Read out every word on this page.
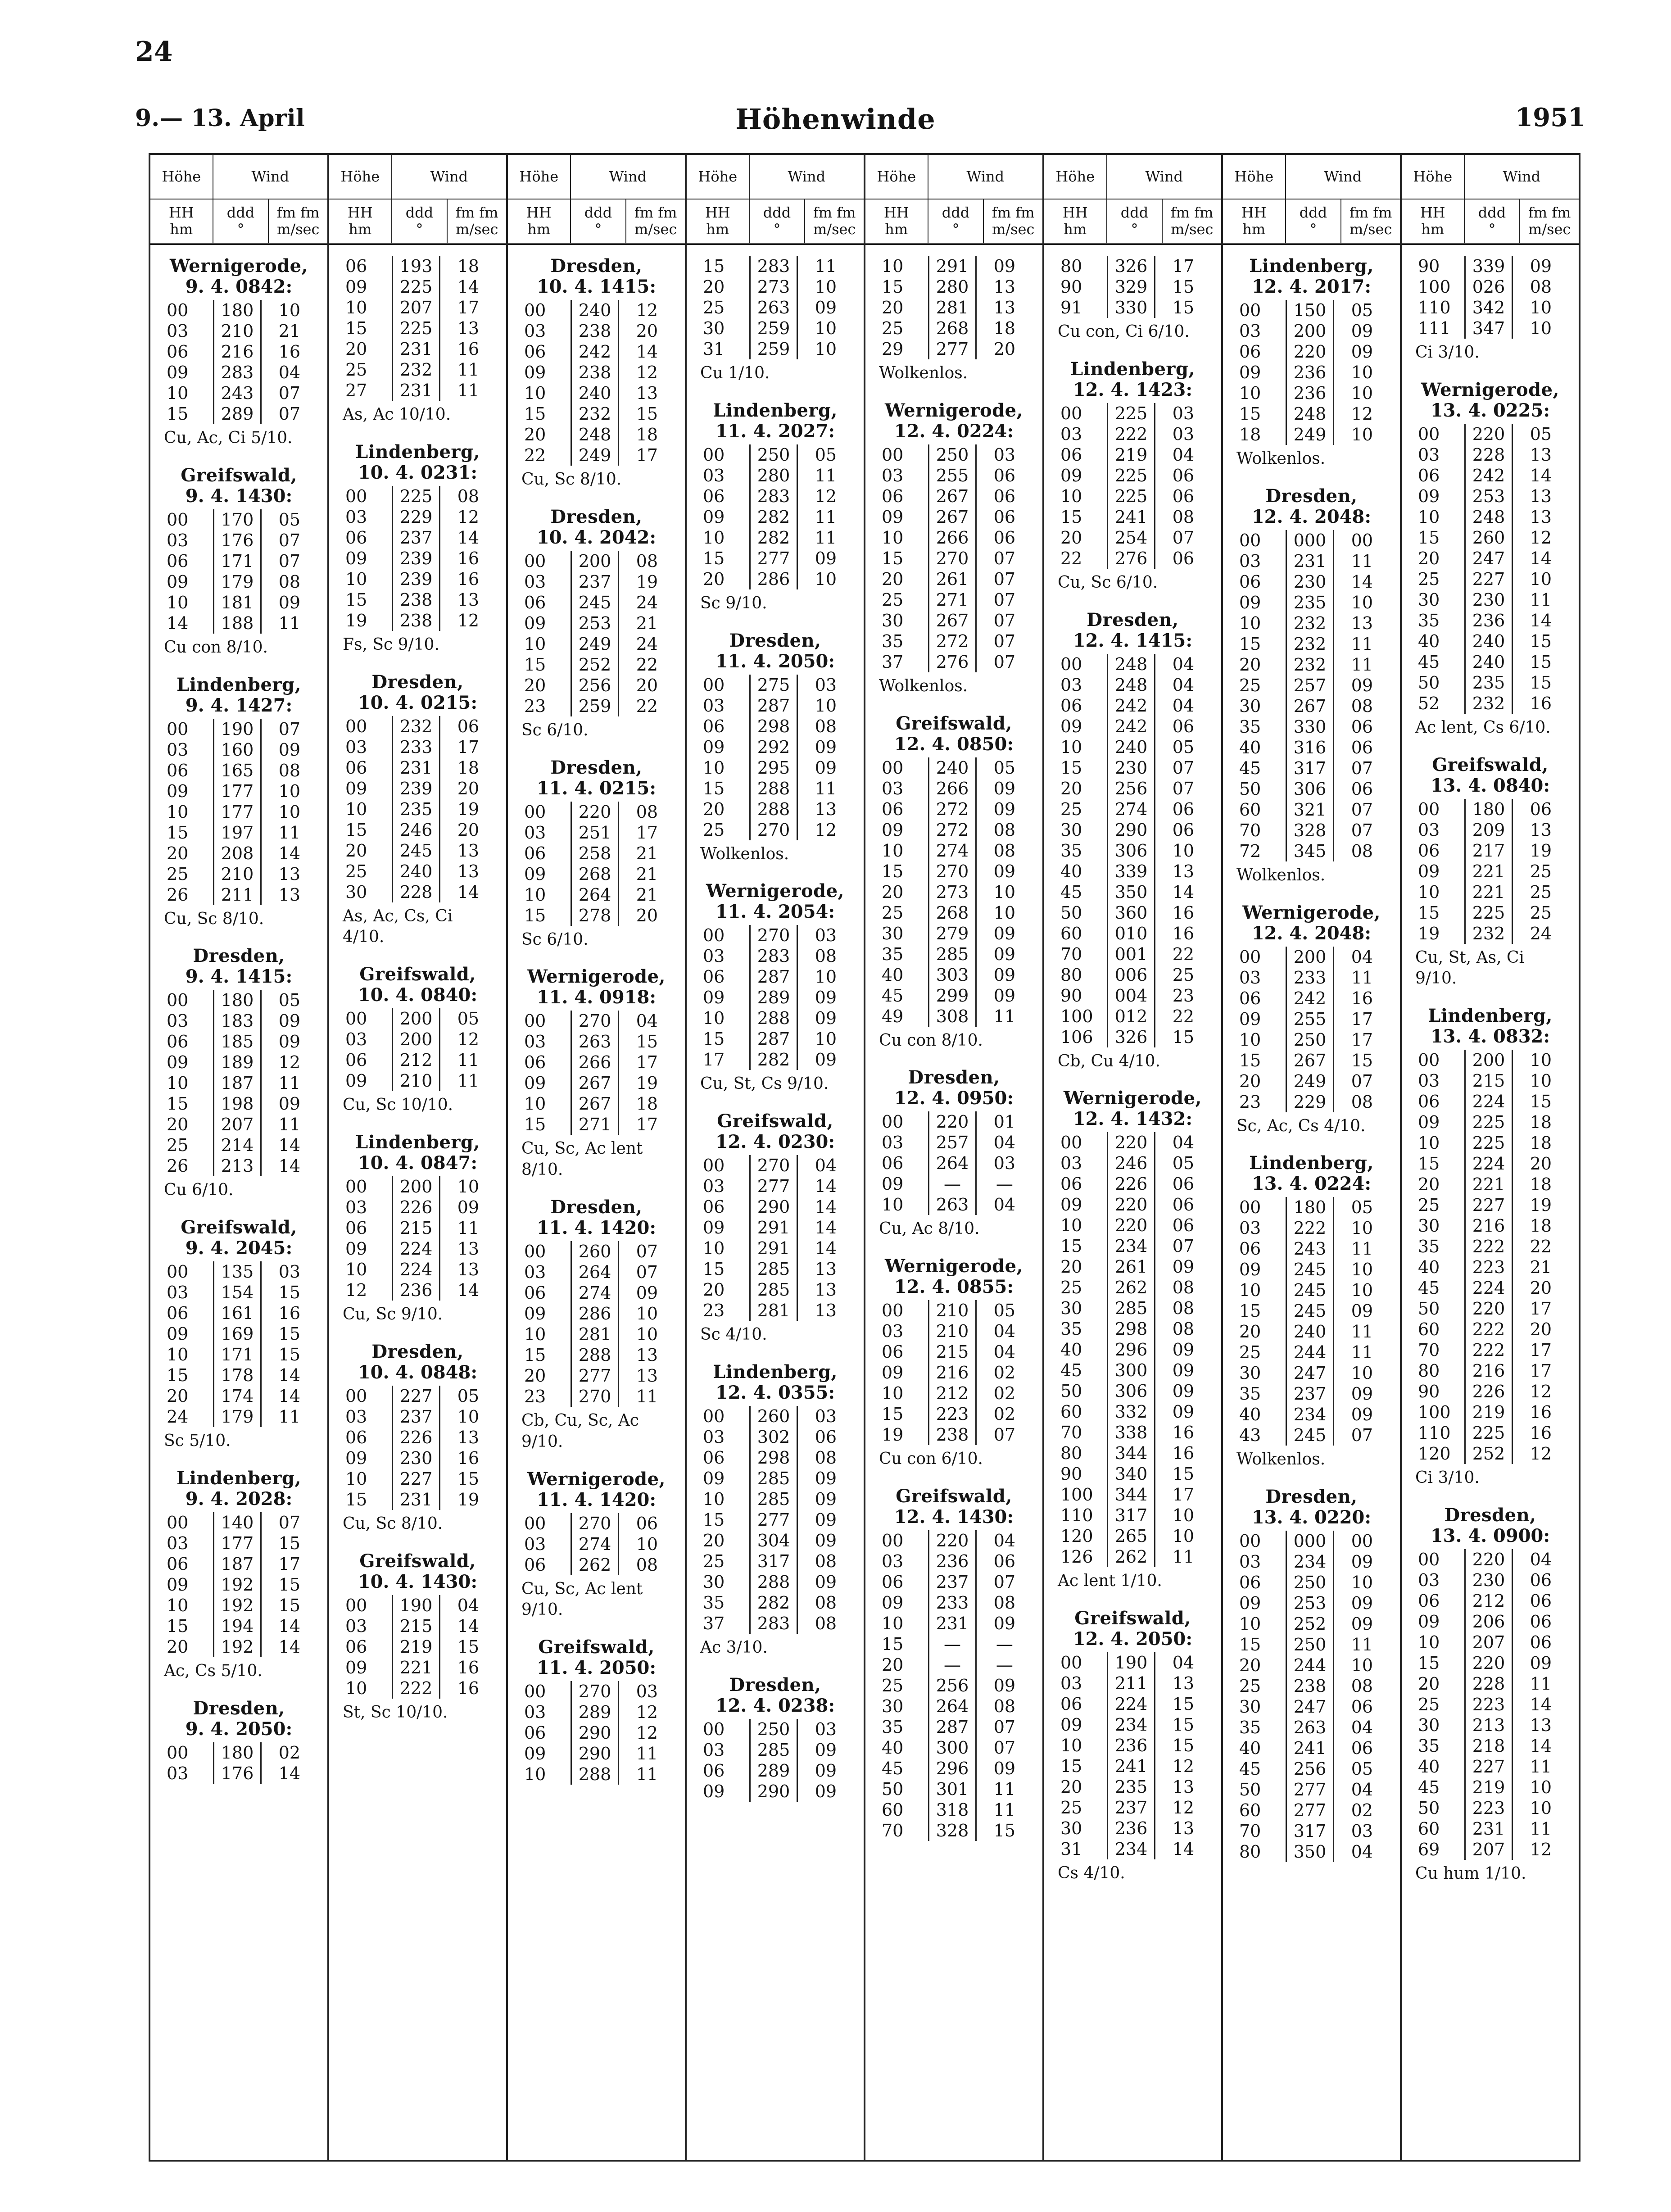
24
9.— 13. April	Höhenwinde	1951
Höhe	Wind
HH
hm
ddd
°
fm fm
m/sec
Wernigerode,
9. 4. 0842:
00	180	10
03	210	21
06	216	16
09	283	04
10	243	07
15	289	07
Cu, Ac, Ci 5/10.
Greifswald,
9. 4. 1430:
00	170	05
03	176	07
06	171	07
09	179	08
10	181	09
14	188	11
Cu con 8/10.
Lindenberg,
9. 4. 1427:
00	190	07
03	160	09
06	165	08
09	177	10
10	177	10
15	197	11
20	208	14
25	210	13
26	211	13
Cu, Sc 8/10.
Dresden,
9. 4. 1415:
00	180	05
03	183	09
06	185	09
09	189	12
10	187	11
15	198	09
20	207	11
25	214	14
26	213	14
Cu 6/10.
Greifswald,
9. 4. 2045:
00	135	03
03	154	15
06	161	16
09	169	15
10	171	15
15	178	14
20	174	14
24	179	11
Sc 5/10.
Lindenberg,
9. 4. 2028:
00	140	07
03	177	15
06	187	17
09	192	15
10	192	15
15	194	14
20	192	14
Ac, Cs 5/10.
Dresden,
9. 4. 2050:
00	180	02
03	176	14
Höhe	Wind
HH
hm
ddd
°
fm fm
m/sec
06	193	18
09	225	14
10	207	17
15	225	13
20	231	16
25	232	11
27	231	11
As, Ac 10/10.
Lindenberg,
10. 4. 0231:
00	225	08
03	229	12
06	237	14
09	239	16
10	239	16
15	238	13
19	238	12
Fs, Sc 9/10.
Dresden,
10. 4. 0215:
00	232	06
03	233	17
06	231	18
09	239	20
10	235	19
15	246	20
20	245	13
25	240	13
30	228	14
As, Ac, Cs, Ci 4/10.
Greifswald,
10. 4. 0840:
00	200	05
03	200	12
06	212	11
09	210	11
Cu, Sc 10/10.
Lindenberg,
10. 4. 0847:
00	200	10
03	226	09
06	215	11
09	224	13
10	224	13
12	236	14
Cu, Sc 9/10.
Dresden,
10. 4. 0848:
00	227	05
03	237	10
06	226	13
09	230	16
10	227	15
15	231	19
Cu, Sc 8/10.
Greifswald,
10. 4. 1430:
00	190	04
03	215	14
06	219	15
09	221	16
10	222	16
St, Sc 10/10.
Höhe	Wind
HH
hm
ddd
°
fm fm
m/sec
Dresden,
10. 4. 1415:
00	240	12
03	238	20
06	242	14
09	238	12
10	240	13
15	232	15
20	248	18
22	249	17
Cu, Sc 8/10.
Dresden,
10. 4. 2042:
00	200	08
03	237	19
06	245	24
09	253	21
10	249	24
15	252	22
20	256	20
23	259	22
Sc 6/10.
Dresden,
11. 4. 0215:
00	220	08
03	251	17
06	258	21
09	268	21
10	264	21
15	278	20
Sc 6/10.
Wernigerode,
11. 4. 0918:
00	270	04
03	263	15
06	266	17
09	267	19
10	267	18
15	271	17
Cu, Sc, Ac lent 8/10.
Dresden,
11. 4. 1420:
00	260	07
03	264	07
06	274	09
09	286	10
10	281	10
15	288	13
20	277	13
23	270	11
Cb, Cu, Sc, Ac 9/10.
Wernigerode,
11. 4. 1420:
00	270	06
03	274	10
06	262	08
Cu, Sc, Ac lent 9/10.
Greifswald,
11. 4. 2050:
00	270	03
03	289	12
06	290	12
09	290	11
10	288	11
Höhe	Wind
HH
hm
ddd
°
fm fm
m/sec
15	283	11
20	273	10
25	263	09
30	259	10
31	259	10
Cu 1/10.
Lindenberg,
11. 4. 2027:
00	250	05
03	280	11
06	283	12
09	282	11
10	282	11
15	277	09
20	286	10
Sc 9/10.
Dresden,
11. 4. 2050:
00	275	03
03	287	10
06	298	08
09	292	09
10	295	09
15	288	11
20	288	13
25	270	12
Wolkenlos.
Wernigerode,
11. 4. 2054:
00	270	03
03	283	08
06	287	10
09	289	09
10	288	09
15	287	10
17	282	09
Cu, St, Cs 9/10.
Greifswald,
12. 4. 0230:
00	270	04
03	277	14
06	290	14
09	291	14
10	291	14
15	285	13
20	285	13
23	281	13
Sc 4/10.
Lindenberg,
12. 4. 0355:
00	260	03
03	302	06
06	298	08
09	285	09
10	285	09
15	277	09
20	304	09
25	317	08
30	288	09
35	282	08
37	283	08
Ac 3/10.
Dresden,
12. 4. 0238:
00	250	03
03	285	09
06	289	09
09	290	09
Höhe	Wind
HH
hm
ddd
°
fm fm
m/sec
10	291	09
15	280	13
20	281	13
25	268	18
29	277	20
Wolkenlos.
Wernigerode,
12. 4. 0224:
00	250	03
03	255	06
06	267	06
09	267	06
10	266	06
15	270	07
20	261	07
25	271	07
30	267	07
35	272	07
37	276	07
Wolkenlos.
Greifswald,
12. 4. 0850:
00	240	05
03	266	09
06	272	09
09	272	08
10	274	08
15	270	09
20	273	10
25	268	10
30	279	09
35	285	09
40	303	09
45	299	09
49	308	11
Cu con 8/10.
Dresden,
12. 4. 0950:
00	220	01
03	257	04
06	264	03
09	—	—
10	263	04
Cu, Ac 8/10.
Wernigerode,
12. 4. 0855:
00	210	05
03	210	04
06	215	04
09	216	02
10	212	02
15	223	02
19	238	07
Cu con 6/10.
Greifswald,
12. 4. 1430:
00	220	04
03	236	06
06	237	07
09	233	08
10	231	09
15	—	—
20	—	—
25	256	09
30	264	08
35	287	07
40	300	07
45	296	09
50	301	11
60	318	11
70	328	15
Höhe	Wind
HH
hm
ddd
°
fm fm
m/sec
80	326	17
90	329	15
91	330	15
Cu con, Ci 6/10.
Lindenberg,
12. 4. 1423:
00	225	03
03	222	03
06	219	04
09	225	06
10	225	06
15	241	08
20	254	07
22	276	06
Cu, Sc 6/10.
Dresden,
12. 4. 1415:
00	248	04
03	248	04
06	242	04
09	242	06
10	240	05
15	230	07
20	256	07
25	274	06
30	290	06
35	306	10
40	339	13
45	350	14
50	360	16
60	010	16
70	001	22
80	006	25
90	004	23
100	012	22
106	326	15
Cb, Cu 4/10.
Wernigerode,
12. 4. 1432:
00	220	04
03	246	05
06	226	06
09	220	06
10	220	06
15	234	07
20	261	09
25	262	08
30	285	08
35	298	08
40	296	09
45	300	09
50	306	09
60	332	09
70	338	16
80	344	16
90	340	15
100	344	17
110	317	10
120	265	10
126	262	11
Ac lent 1/10.
Greifswald,
12. 4. 2050:
00	190	04
03	211	13
06	224	15
09	234	15
10	236	15
15	241	12
20	235	13
25	237	12
30	236	13
31	234	14
Cs 4/10.
Höhe	Wind
HH
hm
ddd
°
fm fm
m/sec
Lindenberg,
12. 4. 2017:
00	150	05
03	200	09
06	220	09
09	236	10
10	236	10
15	248	12
18	249	10
Wolkenlos.
Dresden,
12. 4. 2048:
00	000	00
03	231	11
06	230	14
09	235	10
10	232	13
15	232	11
20	232	11
25	257	09
30	267	08
35	330	06
40	316	06
45	317	07
50	306	06
60	321	07
70	328	07
72	345	08
Wolkenlos.
Wernigerode,
12. 4. 2048:
00	200	04
03	233	11
06	242	16
09	255	17
10	250	17
15	267	15
20	249	07
23	229	08
Sc, Ac, Cs 4/10.
Lindenberg,
13. 4. 0224:
00	180	05
03	222	10
06	243	11
09	245	10
10	245	10
15	245	09
20	240	11
25	244	11
30	247	10
35	237	09
40	234	09
43	245	07
Wolkenlos.
Dresden,
13. 4. 0220:
00	000	00
03	234	09
06	250	10
09	253	09
10	252	09
15	250	11
20	244	10
25	238	08
30	247	06
35	263	04
40	241	06
45	256	05
50	277	04
60	277	02
70	317	03
80	350	04
Höhe	Wind
HH
hm
ddd
°
fm fm
m/sec
90	339	09
100	026	08
110	342	10
111	347	10
Ci 3/10.
Wernigerode,
13. 4. 0225:
00	220	05
03	228	13
06	242	14
09	253	13
10	248	13
15	260	12
20	247	14
25	227	10
30	230	11
35	236	14
40	240	15
45	240	15
50	235	15
52	232	16
Ac lent, Cs 6/10.
Greifswald,
13. 4. 0840:
00	180	06
03	209	13
06	217	19
09	221	25
10	221	25
15	225	25
19	232	24
Cu, St, As, Ci 9/10.
Lindenberg,
13. 4. 0832:
00	200	10
03	215	10
06	224	15
09	225	18
10	225	18
15	224	20
20	221	18
25	227	19
30	216	18
35	222	22
40	223	21
45	224	20
50	220	17
60	222	20
70	222	17
80	216	17
90	226	12
100	219	16
110	225	16
120	252	12
Ci 3/10.
Dresden,
13. 4. 0900:
00	220	04
03	230	06
06	212	06
09	206	06
10	207	06
15	220	09
20	228	11
25	223	14
30	213	13
35	218	14
40	227	11
45	219	10
50	223	10
60	231	11
69	207	12
Cu hum 1/10.
